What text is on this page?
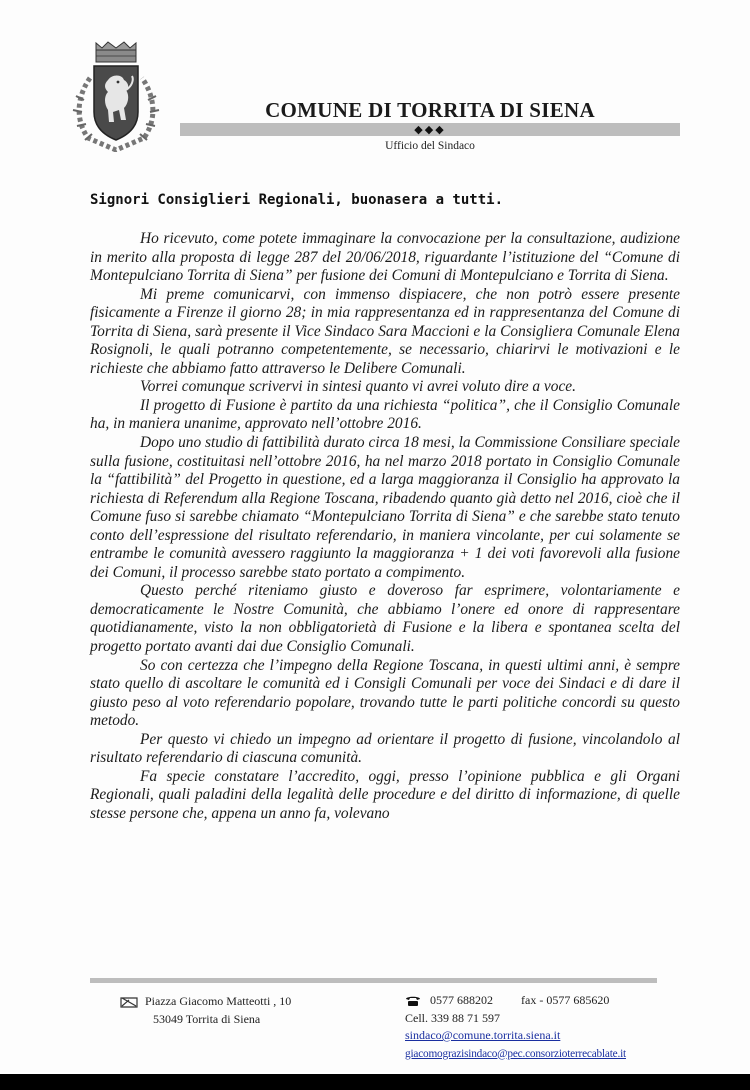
COMUNE DI TORRITA DI SIENA
◆◆◆
Ufficio del Sindaco
Signori Consiglieri Regionali, buonasera a tutti.

Ho ricevuto, come potete immaginare la convocazione per la consultazione, audizione in merito alla proposta di legge 287 del 20/06/2018, riguardante l’istituzione del “Comune di Montepulciano Torrita di Siena” per fusione dei Comuni di Montepulciano e Torrita di Siena.

Mi preme comunicarvi, con immenso dispiacere, che non potrò essere presente fisicamente a Firenze il giorno 28; in mia rappresentanza ed in rappresentanza del Comune di Torrita di Siena, sarà presente il Vice Sindaco Sara Maccioni e la Consigliera Comunale Elena Rosignoli, le quali potranno competentemente, se necessario, chiarirvi le motivazioni e le richieste che abbiamo fatto attraverso le Delibere Comunali.

Vorrei comunque scrivervi in sintesi quanto vi avrei voluto dire a voce.

Il progetto di Fusione è partito da una richiesta “politica”, che il Consiglio Comunale ha, in maniera unanime, approvato nell’ottobre 2016.

Dopo uno studio di fattibilità durato circa 18 mesi, la Commissione Consiliare speciale sulla fusione, costituitasi nell’ottobre 2016, ha nel marzo 2018 portato in Consiglio Comunale la “fattibilità” del Progetto in questione, ed a larga maggioranza il Consiglio ha approvato la richiesta di Referendum alla Regione Toscana, ribadendo quanto già detto nel 2016, cioè che il Comune fuso si sarebbe chiamato “Montepulciano Torrita di Siena” e che sarebbe stato tenuto conto dell’espressione del risultato referendario, in maniera vincolante, per cui solamente se entrambe le comunità avessero raggiunto la maggioranza + 1 dei voti favorevoli alla fusione dei Comuni, il processo sarebbe stato portato a compimento.

Questo perché riteniamo giusto e doveroso far esprimere, volontariamente e democraticamente le Nostre Comunità, che abbiamo l’onere ed onore di rappresentare quotidianamente, visto la non obbligatorietà di Fusione e la libera e spontanea scelta del progetto portato avanti dai due Consiglio Comunali.

So con certezza che l’impegno della Regione Toscana, in questi ultimi anni, è sempre stato quello di ascoltare le comunità ed i Consigli Comunali per voce dei Sindaci e di dare il giusto peso al voto referendario popolare, trovando tutte le parti politiche concordi su questo metodo.

Per questo vi chiedo un impegno ad orientare il progetto di fusione, vincolandolo al risultato referendario di ciascuna comunità.

Fa specie constatare l’accredito, oggi, presso l’opinione pubblica e gli Organi Regionali, quali paladini della legalità delle procedure e del diritto di informazione, di quelle stesse persone che, appena un anno fa, volevano

Piazza Giacomo Matteotti , 10
53049 Torrita di Siena
0577 688202 fax - 0577 685620
Cell. 339 88 71 597
sindaco@comune.torrita.siena.it
giacomograzisindaco@pec.consorzioterrecablate.it
